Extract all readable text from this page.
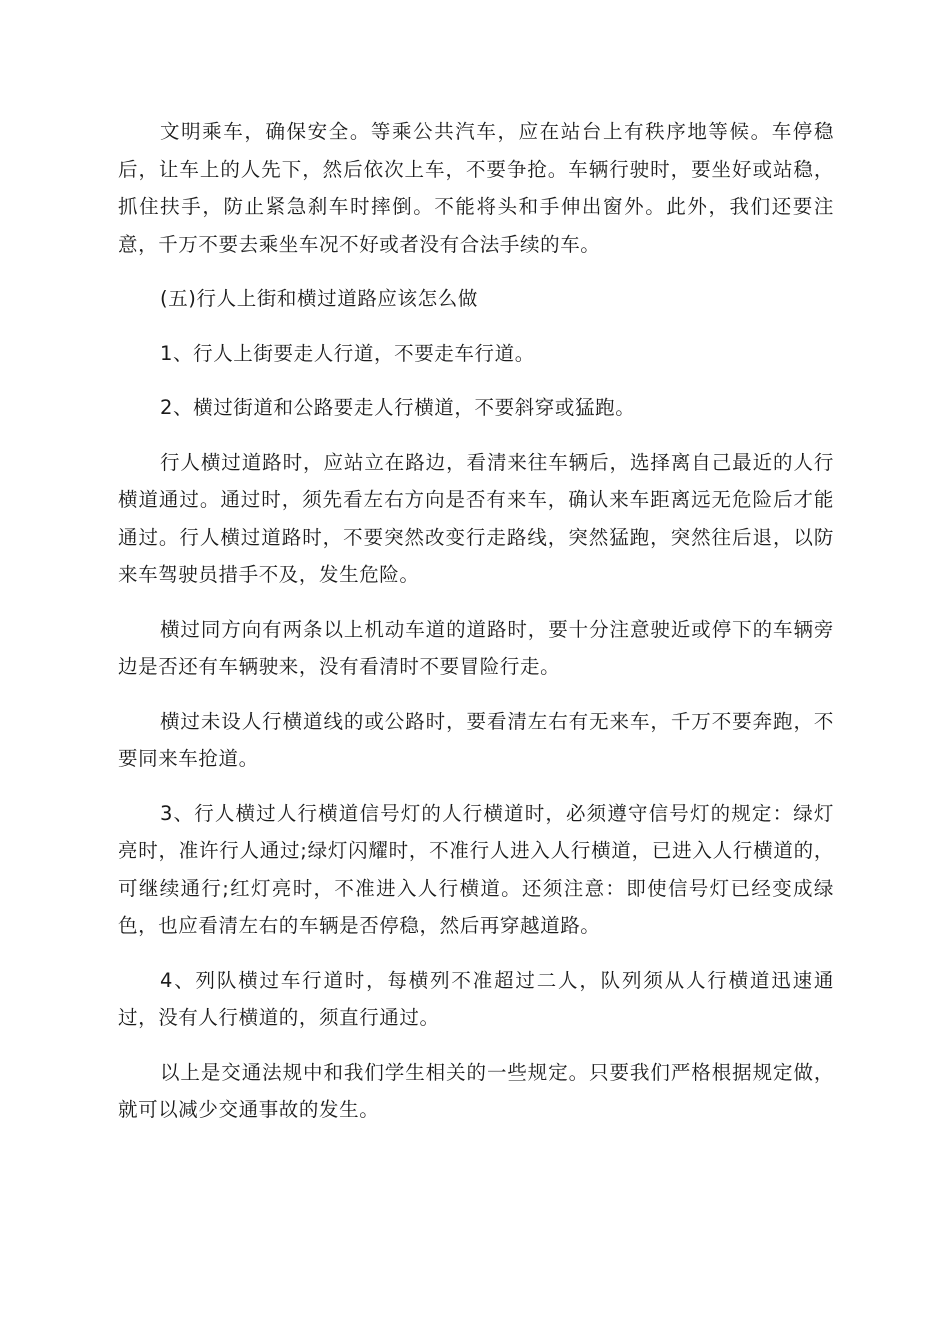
文明乘车，确保安全。等乘公共汽车，应在站台上有秩序地等候。车停稳后，让车上的人先下，然后依次上车，不要争抢。车辆行驶时，要坐好或站稳，抓住扶手，防止紧急刹车时摔倒。不能将头和手伸出窗外。此外，我们还要注意，千万不要去乘坐车况不好或者没有合法手续的车。

(五)行人上街和横过道路应该怎么做

1、行人上街要走人行道，不要走车行道。

2、横过街道和公路要走人行横道，不要斜穿或猛跑。

行人横过道路时，应站立在路边，看清来往车辆后，选择离自己最近的人行横道通过。通过时，须先看左右方向是否有来车，确认来车距离远无危险后才能通过。行人横过道路时，不要突然改变行走路线，突然猛跑，突然往后退，以防来车驾驶员措手不及，发生危险。

横过同方向有两条以上机动车道的道路时，要十分注意驶近或停下的车辆旁边是否还有车辆驶来，没有看清时不要冒险行走。

横过未设人行横道线的或公路时，要看清左右有无来车，千万不要奔跑，不要同来车抢道。

3、行人横过人行横道信号灯的人行横道时，必须遵守信号灯的规定：绿灯亮时，准许行人通过;绿灯闪耀时，不准行人进入人行横道，已进入人行横道的，可继续通行;红灯亮时，不准进入人行横道。还须注意：即使信号灯已经变成绿色，也应看清左右的车辆是否停稳，然后再穿越道路。

4、列队横过车行道时，每横列不准超过二人，队列须从人行横道迅速通过，没有人行横道的，须直行通过。

以上是交通法规中和我们学生相关的一些规定。只要我们严格根据规定做，就可以减少交通事故的发生。
